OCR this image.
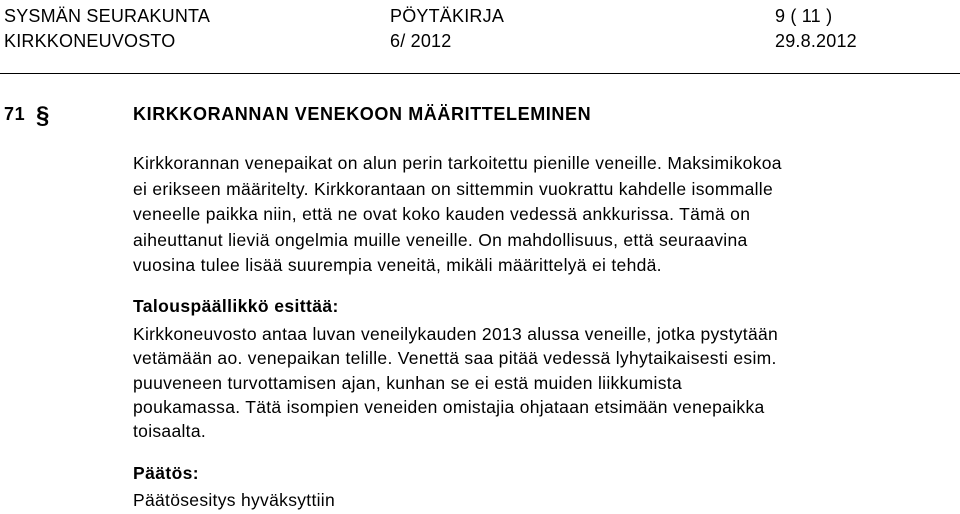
SYSMÄN SEURAKUNTA
KIRKKONEUVOSTO
PÖYTÄKIRJA
6/ 2012
9 ( 11 )
29.8.2012
71 §	KIRKKORANNAN VENEKOON MÄÄRITTELEMINEN
Kirkkorannan venepaikat on alun perin tarkoitettu pienille veneille. Maksimikokoa
ei erikseen määritelty. Kirkkorantaan on sittemmin vuokrattu kahdelle isommalle
veneelle paikka niin, että ne ovat koko kauden vedessä ankkurissa. Tämä on
aiheuttanut lieviä ongelmia muille veneille. On mahdollisuus, että seuraavina
vuosina tulee lisää suurempia veneitä, mikäli määrittelyä ei tehdä.
Talouspäällikkö esittää:
Kirkkoneuvosto antaa luvan veneilykauden 2013 alussa veneille, jotka pystytään
vetämään ao. venepaikan telille. Venettä saa pitää vedessä lyhytaikaisesti esim.
puuveneen turvottamisen ajan, kunhan se ei estä muiden liikkumista
poukamassa. Tätä isompien veneiden omistajia ohjataan etsimään venepaikka
toisaalta.
Päätös:
Päätösesitys hyväksyttiin
